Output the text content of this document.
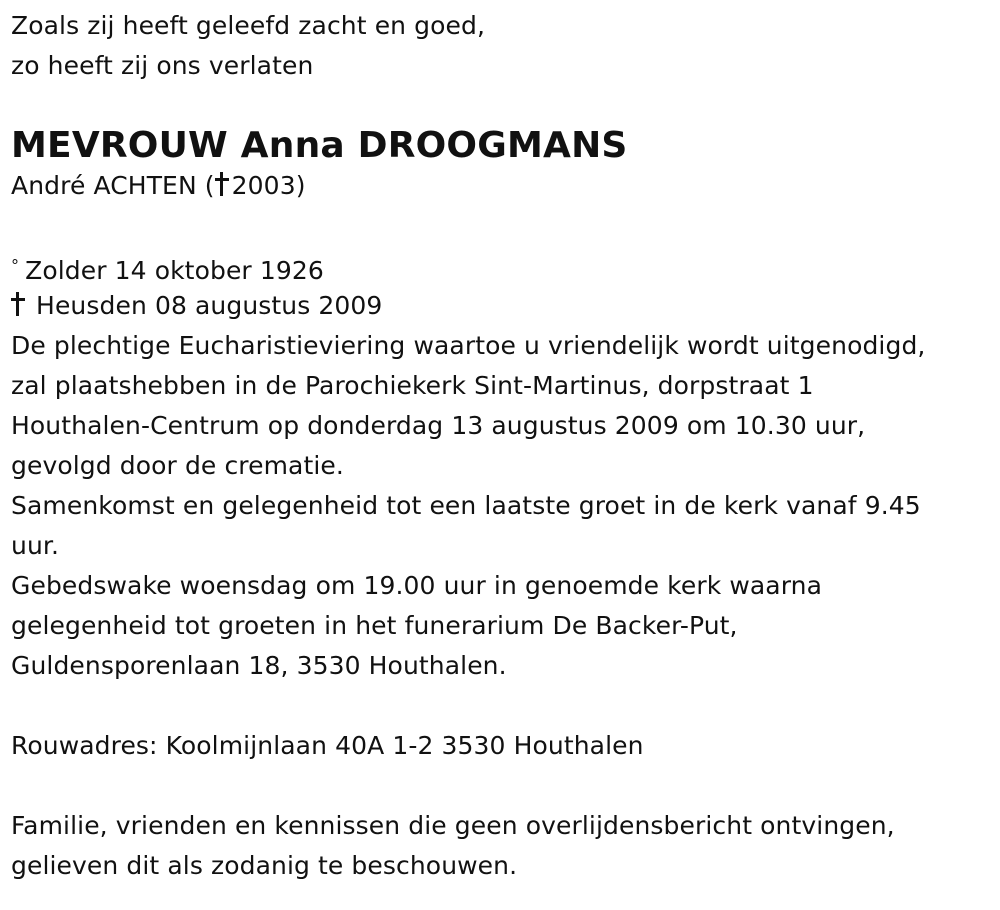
Zoals zij heeft geleefd zacht en goed,
zo heeft zij ons verlaten
MEVROUW Anna DROOGMANS
André ACHTEN ( 2003)
° Zolder 14 oktober 1926
Heusden 08 augustus 2009
De plechtige Eucharistieviering waartoe u vriendelijk wordt uitgenodigd,
zal plaatshebben in de Parochiekerk Sint-Martinus, dorpstraat 1
Houthalen-Centrum op donderdag 13 augustus 2009 om 10.30 uur,
gevolgd door de crematie.
Samenkomst en gelegenheid tot een laatste groet in de kerk vanaf 9.45
uur.
Gebedswake woensdag om 19.00 uur in genoemde kerk waarna
gelegenheid tot groeten in het funerarium De Backer-Put,
Guldensporenlaan 18, 3530 Houthalen.
Rouwadres: Koolmijnlaan 40A 1-2 3530 Houthalen
Familie, vrienden en kennissen die geen overlijdensbericht ontvingen,
gelieven dit als zodanig te beschouwen.
